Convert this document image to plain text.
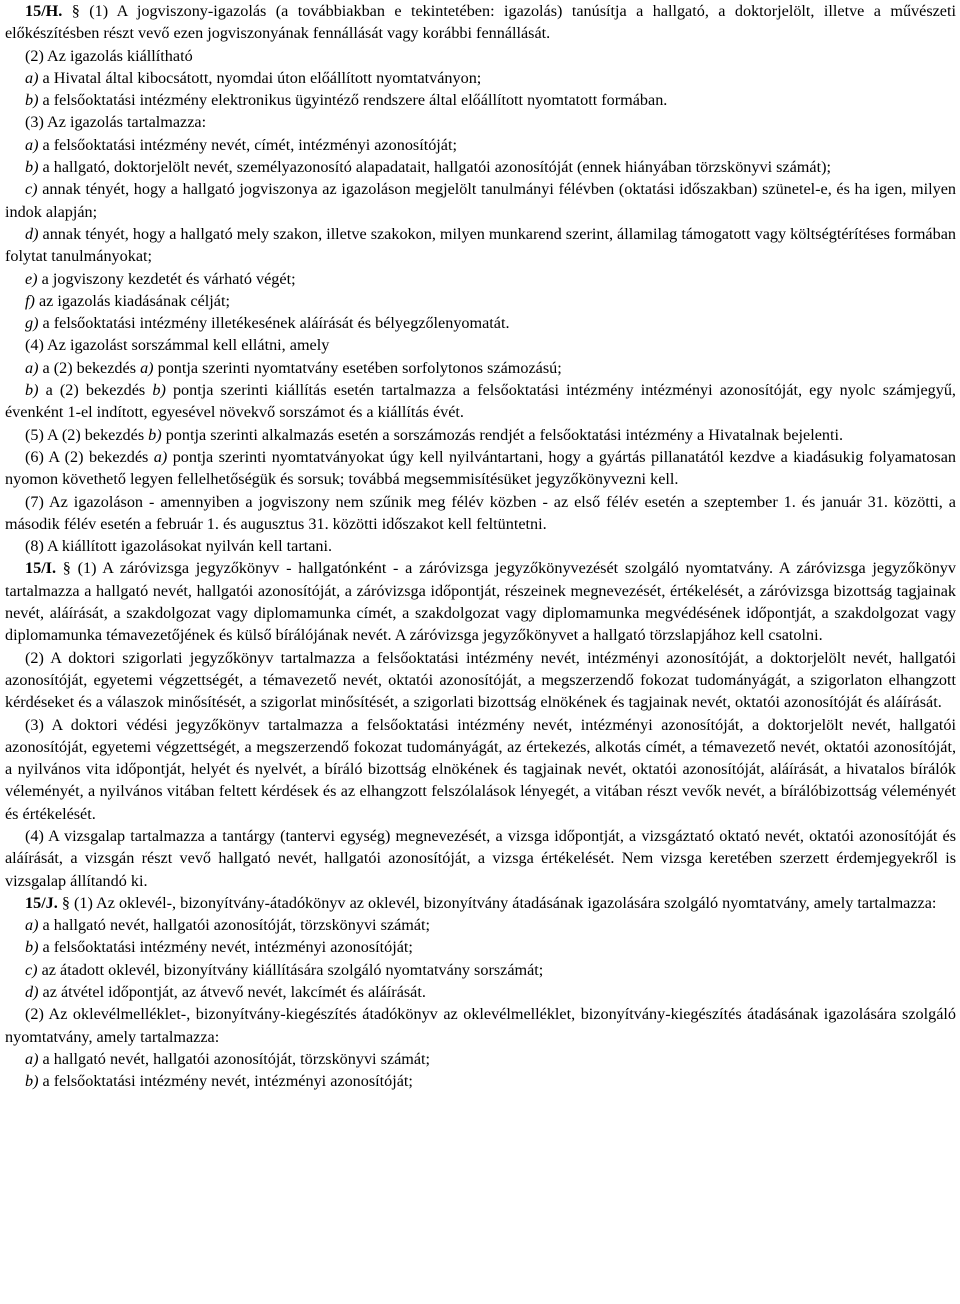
15/H. § (1) A jogviszony-igazolás (a továbbiakban e tekintetében: igazolás) tanúsítja a hallgató, a doktorjelölt, illetve a művészeti előkészítésben részt vevő ezen jogviszonyának fennállását vagy korábbi fennállását.

(2) Az igazolás kiállítható

a) a Hivatal által kibocsátott, nyomdai úton előállított nyomtatványon;

b) a felsőoktatási intézmény elektronikus ügyintéző rendszere által előállított nyomtatott formában.

(3) Az igazolás tartalmazza:

a) a felsőoktatási intézmény nevét, címét, intézményi azonosítóját;

b) a hallgató, doktorjelölt nevét, személyazonosító alapadatait, hallgatói azonosítóját (ennek hiányában törzskönyvi számát);

c) annak tényét, hogy a hallgató jogviszonya az igazoláson megjelölt tanulmányi félévben (oktatási időszakban) szünetel-e, és ha igen, milyen indok alapján;

d) annak tényét, hogy a hallgató mely szakon, illetve szakokon, milyen munkarend szerint, államilag támogatott vagy költségtérítéses formában folytat tanulmányokat;

e) a jogviszony kezdetét és várható végét;

f) az igazolás kiadásának célját;

g) a felsőoktatási intézmény illetékesének aláírását és bélyegzőlenyomatát.

(4) Az igazolást sorszámmal kell ellátni, amely

a) a (2) bekezdés a) pontja szerinti nyomtatvány esetében sorfolytonos számozású;

b) a (2) bekezdés b) pontja szerinti kiállítás esetén tartalmazza a felsőoktatási intézmény intézményi azonosítóját, egy nyolc számjegyű, évenként 1-el indított, egyesével növekvő sorszámot és a kiállítás évét.

(5) A (2) bekezdés b) pontja szerinti alkalmazás esetén a sorszámozás rendjét a felsőoktatási intézmény a Hivatalnak bejelenti.

(6) A (2) bekezdés a) pontja szerinti nyomtatványokat úgy kell nyilvántartani, hogy a gyártás pillanatától kezdve a kiadásukig folyamatosan nyomon követhető legyen fellelhetőségük és sorsuk; továbbá megsemmisítésüket jegyzőkönyvezni kell.

(7) Az igazoláson - amennyiben a jogviszony nem szűnik meg félév közben - az első félév esetén a szeptember 1. és január 31. közötti, a második félév esetén a február 1. és augusztus 31. közötti időszakot kell feltüntetni.

(8) A kiállított igazolásokat nyilván kell tartani.

15/I. § (1) A záróvizsga jegyzőkönyv - hallgatónként - a záróvizsga jegyzőkönyvezését szolgáló nyomtatvány. A záróvizsga jegyzőkönyv tartalmazza a hallgató nevét, hallgatói azonosítóját, a záróvizsga időpontját, részeinek megnevezését, értékelését, a záróvizsga bizottság tagjainak nevét, aláírását, a szakdolgozat vagy diplomamunka címét, a szakdolgozat vagy diplomamunka megvédésének időpontját, a szakdolgozat vagy diplomamunka témavezetőjének és külső bírálójának nevét. A záróvizsga jegyzőkönyvet a hallgató törzslapjához kell csatolni.

(2) A doktori szigorlati jegyzőkönyv tartalmazza a felsőoktatási intézmény nevét, intézményi azonosítóját, a doktorjelölt nevét, hallgatói azonosítóját, egyetemi végzettségét, a témavezető nevét, oktatói azonosítóját, a megszerzendő fokozat tudományágát, a szigorlaton elhangzott kérdéseket és a válaszok minősítését, a szigorlat minősítését, a szigorlati bizottság elnökének és tagjainak nevét, oktatói azonosítóját és aláírását.

(3) A doktori védési jegyzőkönyv tartalmazza a felsőoktatási intézmény nevét, intézményi azonosítóját, a doktorjelölt nevét, hallgatói azonosítóját, egyetemi végzettségét, a megszerzendő fokozat tudományágát, az értekezés, alkotás címét, a témavezető nevét, oktatói azonosítóját, a nyilvános vita időpontját, helyét és nyelvét, a bíráló bizottság elnökének és tagjainak nevét, oktatói azonosítóját, aláírását, a hivatalos bírálók véleményét, a nyilvános vitában feltett kérdések és az elhangzott felszólalások lényegét, a vitában részt vevők nevét, a bírálóbizottság véleményét és értékelését.

(4) A vizsgalap tartalmazza a tantárgy (tantervi egység) megnevezését, a vizsga időpontját, a vizsgáztató oktató nevét, oktatói azonosítóját és aláírását, a vizsgán részt vevő hallgató nevét, hallgatói azonosítóját, a vizsga értékelését. Nem vizsga keretében szerzett érdemjegyekről is vizsgalap állítandó ki.

15/J. § (1) Az oklevél-, bizonyítvány-átadókönyv az oklevél, bizonyítvány átadásának igazolására szolgáló nyomtatvány, amely tartalmazza:

a) a hallgató nevét, hallgatói azonosítóját, törzskönyvi számát;

b) a felsőoktatási intézmény nevét, intézményi azonosítóját;

c) az átadott oklevél, bizonyítvány kiállítására szolgáló nyomtatvány sorszámát;

d) az átvétel időpontját, az átvevő nevét, lakcímét és aláírását.

(2) Az oklevélmelléklet-, bizonyítvány-kiegészítés átadókönyv az oklevélmelléklet, bizonyítvány-kiegészítés átadásának igazolására szolgáló nyomtatvány, amely tartalmazza:

a) a hallgató nevét, hallgatói azonosítóját, törzskönyvi számát;

b) a felsőoktatási intézmény nevét, intézményi azonosítóját;
